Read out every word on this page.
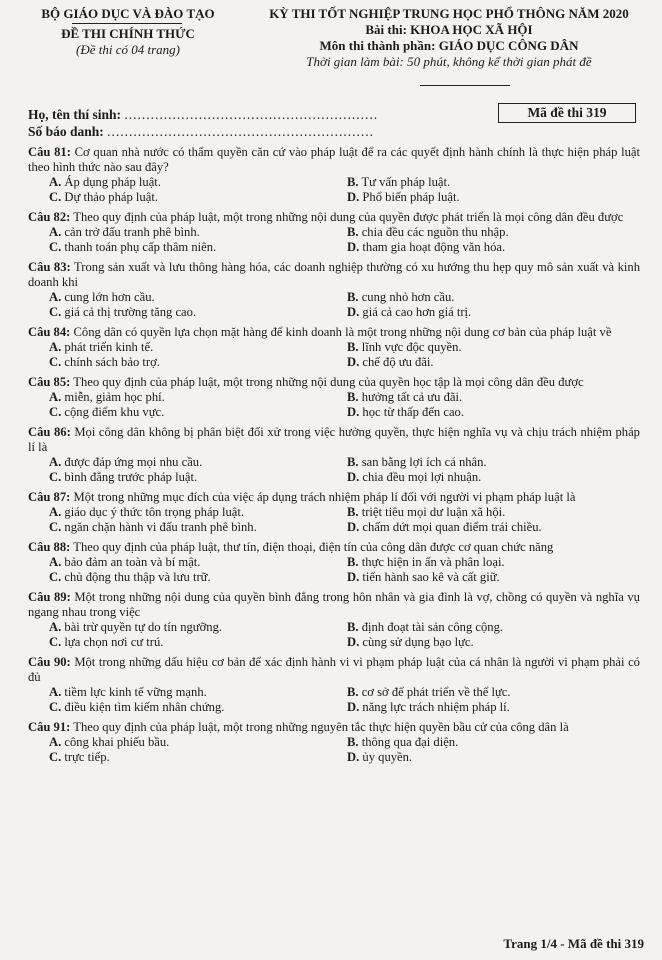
BỘ GIÁO DỤC VÀ ĐÀO TẠO
ĐỀ THI CHÍNH THỨC
(Đề thi có 04 trang)
KỲ THI TỐT NGHIỆP TRUNG HỌC PHỔ THÔNG NĂM 2020
Bài thi: KHOA HỌC XÃ HỘI
Môn thi thành phần: GIÁO DỤC CÔNG DÂN
Thời gian làm bài: 50 phút, không kể thời gian phát đề
Họ, tên thí sinh: ..........................................................
Số báo danh: .............................................................
Mã đề thi 319
Câu 81: Cơ quan nhà nước có thẩm quyền căn cứ vào pháp luật để ra các quyết định hành chính là thực hiện pháp luật theo hình thức nào sau đây?
A. Áp dụng pháp luật.	B. Tư vấn pháp luật.
C. Dự thảo pháp luật.	D. Phổ biến pháp luật.
Câu 82: Theo quy định của pháp luật, một trong những nội dung của quyền được phát triển là mọi công dân đều được
A. cản trở đấu tranh phê bình.	B. chia đều các nguồn thu nhập.
C. thanh toán phụ cấp thâm niên.	D. tham gia hoạt động văn hóa.
Câu 83: Trong sản xuất và lưu thông hàng hóa, các doanh nghiệp thường có xu hướng thu hẹp quy mô sản xuất và kinh doanh khi
A. cung lớn hơn cầu.	B. cung nhỏ hơn cầu.
C. giá cả thị trường tăng cao.	D. giá cả cao hơn giá trị.
Câu 84: Công dân có quyền lựa chọn mặt hàng để kinh doanh là một trong những nội dung cơ bản của pháp luật về
A. phát triển kinh tế.	B. lĩnh vực độc quyền.
C. chính sách bảo trợ.	D. chế độ ưu đãi.
Câu 85: Theo quy định của pháp luật, một trong những nội dung của quyền học tập là mọi công dân đều được
A. miễn, giảm học phí.	B. hưởng tất cả ưu đãi.
C. cộng điểm khu vực.	D. học từ thấp đến cao.
Câu 86: Mọi công dân không bị phân biệt đối xử trong việc hưởng quyền, thực hiện nghĩa vụ và chịu trách nhiệm pháp lí là
A. được đáp ứng mọi nhu cầu.	B. san bằng lợi ích cá nhân.
C. bình đẳng trước pháp luật.	D. chia đều mọi lợi nhuận.
Câu 87: Một trong những mục đích của việc áp dụng trách nhiệm pháp lí đối với người vi phạm pháp luật là
A. giáo dục ý thức tôn trọng pháp luật.	B. triệt tiêu mọi dư luận xã hội.
C. ngăn chặn hành vi đấu tranh phê bình.	D. chấm dứt mọi quan điểm trái chiều.
Câu 88: Theo quy định của pháp luật, thư tín, điện thoại, điện tín của công dân được cơ quan chức năng
A. bảo đảm an toàn và bí mật.	B. thực hiện in ấn và phân loại.
C. chủ động thu thập và lưu trữ.	D. tiến hành sao kê và cất giữ.
Câu 89: Một trong những nội dung của quyền bình đẳng trong hôn nhân và gia đình là vợ, chồng có quyền và nghĩa vụ ngang nhau trong việc
A. bài trừ quyền tự do tín ngưỡng.	B. định đoạt tài sản công cộng.
C. lựa chọn nơi cư trú.	D. cùng sử dụng bạo lực.
Câu 90: Một trong những dấu hiệu cơ bản để xác định hành vi vi phạm pháp luật của cá nhân là người vi phạm phải có đủ
A. tiềm lực kinh tế vững mạnh.	B. cơ sở để phát triển về thể lực.
C. điều kiện tìm kiếm nhân chứng.	D. năng lực trách nhiệm pháp lí.
Câu 91: Theo quy định của pháp luật, một trong những nguyên tắc thực hiện quyền bầu cử của công dân là
A. công khai phiếu bầu.	B. thông qua đại diện.
C. trực tiếp.	D. ủy quyền.
Trang 1/4 - Mã đề thi 319
